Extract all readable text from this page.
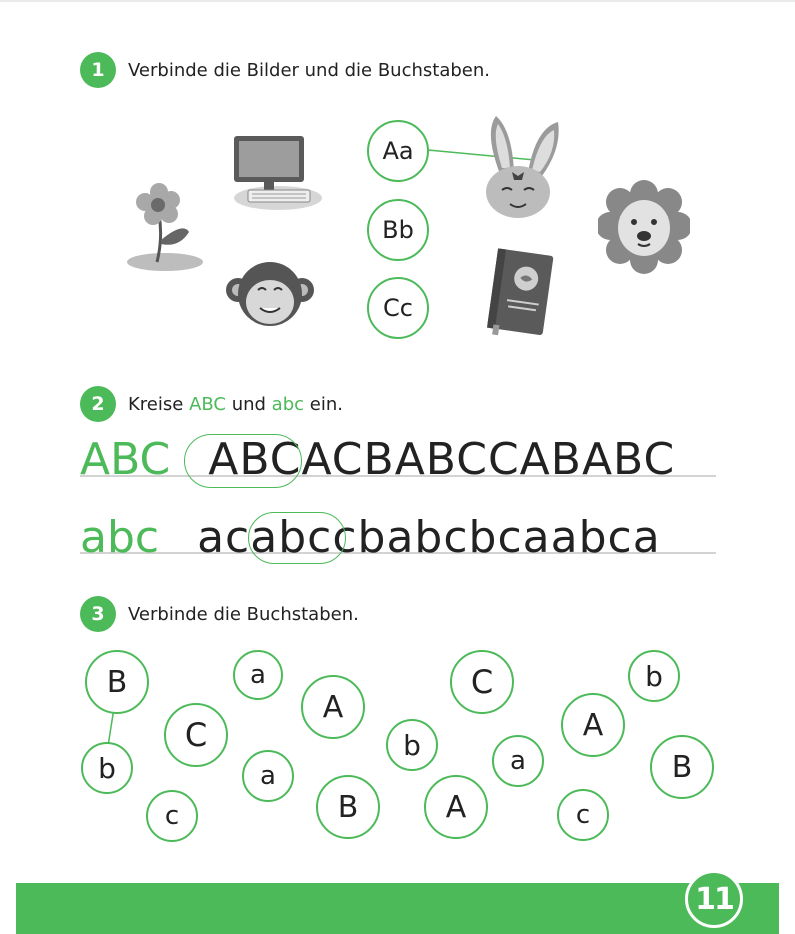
1	Verbinde die Bilder und die Buchstaben.
Aa
Bb
Cc
2	Kreise ABC und abc ein.
ABC ABCACBABCCABABC
abc acabccbabcbcaabca
3	Verbinde die Buchstaben.
B	a
A
C	b
A
b
C
b	a	a	B
c	B	A	c
11
